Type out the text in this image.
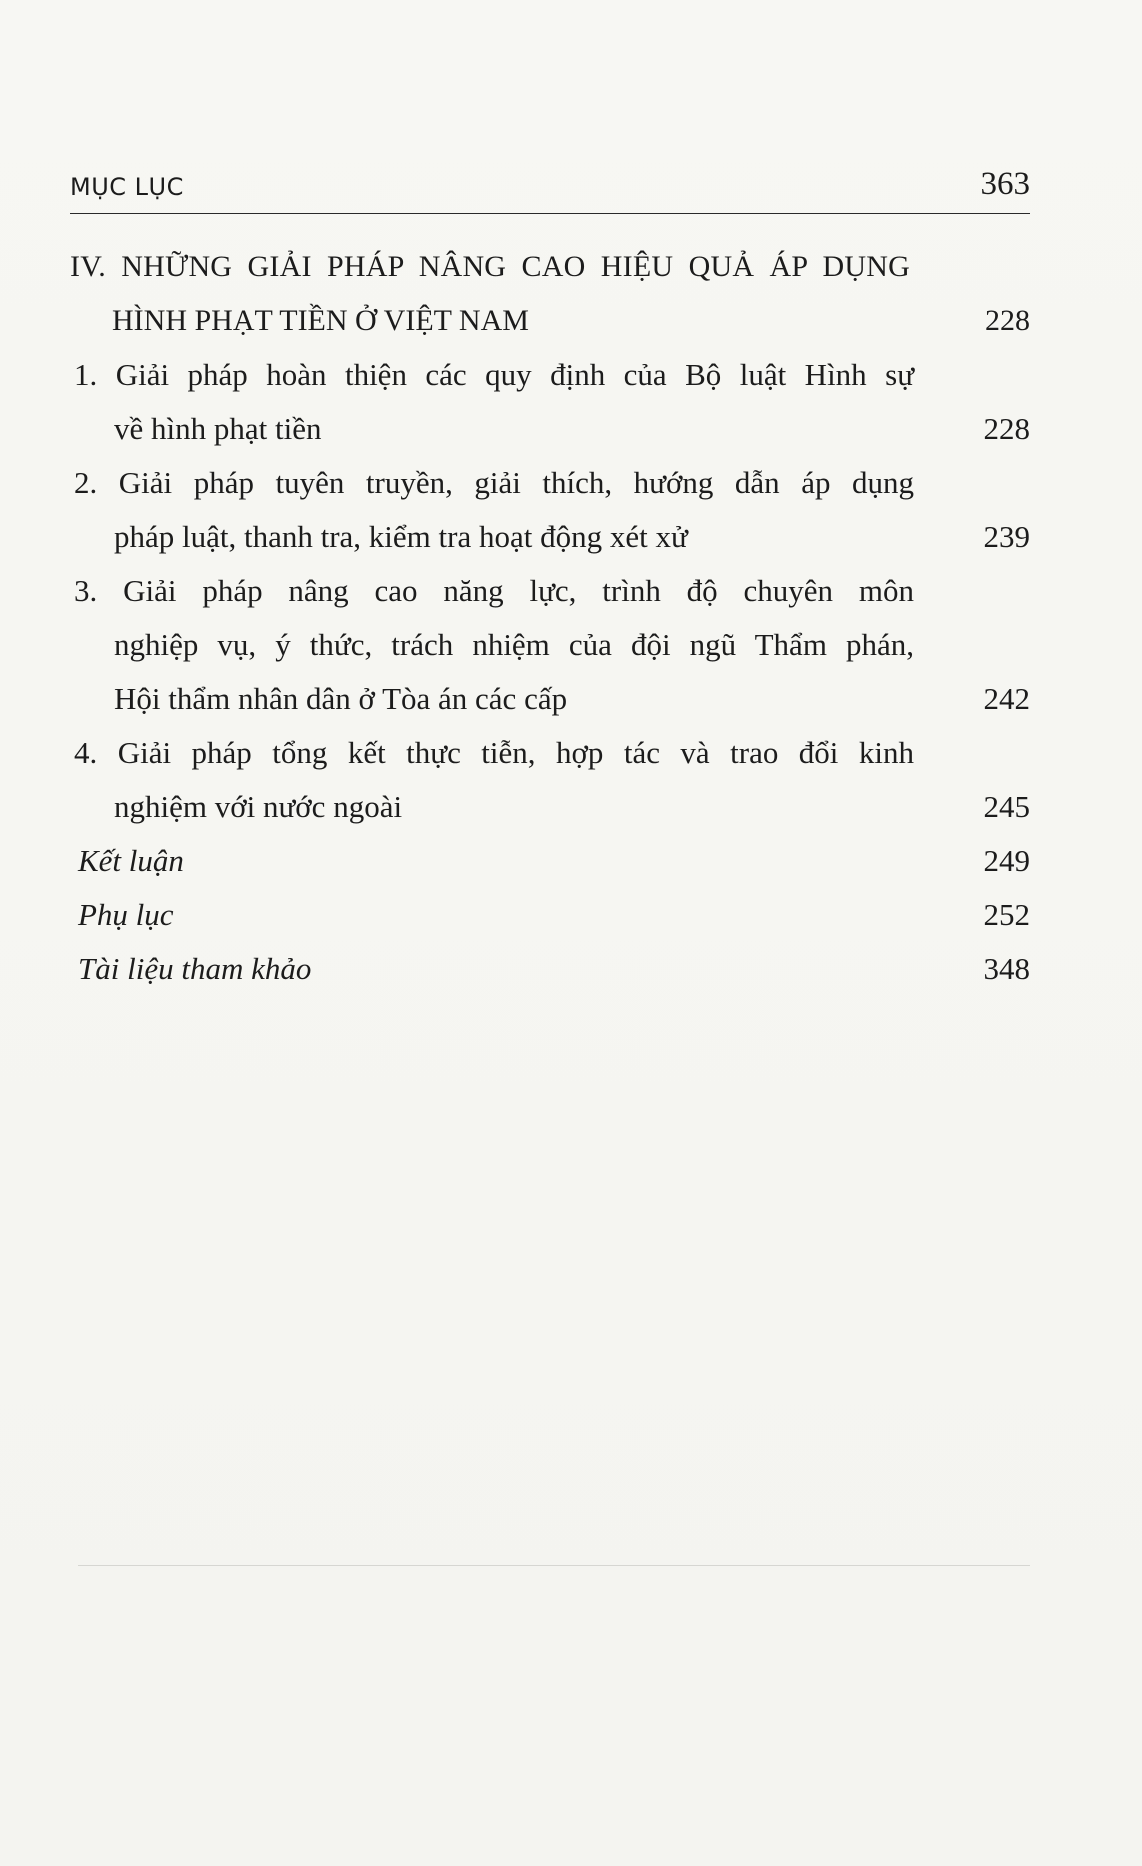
MỤC LỤC	363
IV. NHỮNG GIẢI PHÁP NÂNG CAO HIỆU QUẢ ÁP DỤNG
HÌNH PHẠT TIỀN Ở VIỆT NAM	228
1. Giải pháp hoàn thiện các quy định của Bộ luật Hình sự
về hình phạt tiền	228
2. Giải pháp tuyên truyền, giải thích, hướng dẫn áp dụng
pháp luật, thanh tra, kiểm tra hoạt động xét xử	239
3. Giải pháp nâng cao năng lực, trình độ chuyên môn
nghiệp vụ, ý thức, trách nhiệm của đội ngũ Thẩm phán,
Hội thẩm nhân dân ở Tòa án các cấp	242
4. Giải pháp tổng kết thực tiễn, hợp tác và trao đổi kinh
nghiệm với nước ngoài	245
Kết luận	249
Phụ lục	252
Tài liệu tham khảo	348
